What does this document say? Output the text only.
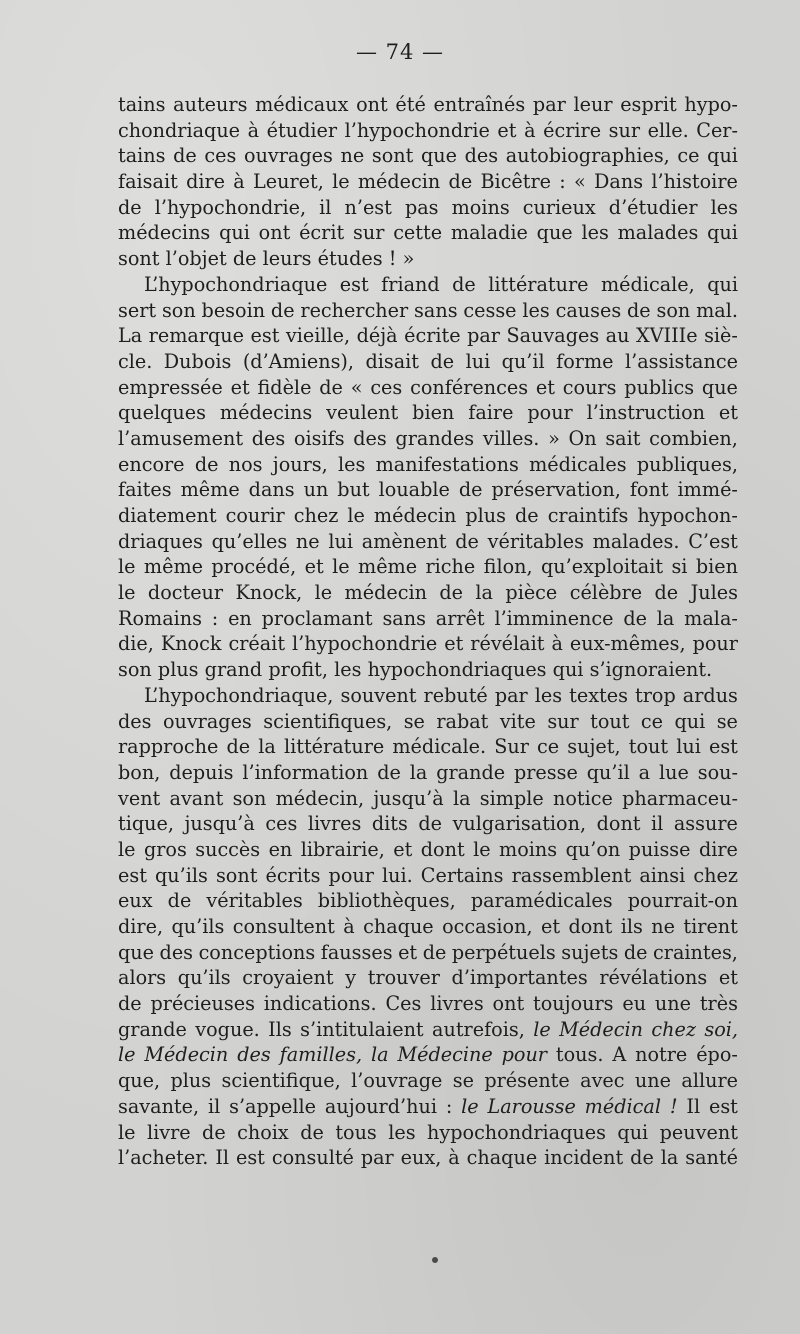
— 74 —
tains auteurs médicaux ont été entraînés par leur esprit hypo-
chondriaque à étudier l’hypochondrie et à écrire sur elle. Cer-
tains de ces ouvrages ne sont que des autobiographies, ce qui
faisait dire à Leuret, le médecin de Bicêtre : « Dans l’histoire
de l’hypochondrie, il n’est pas moins curieux d’étudier les
médecins qui ont écrit sur cette maladie que les malades qui
sont l’objet de leurs études ! »
L’hypochondriaque est friand de littérature médicale, qui
sert son besoin de rechercher sans cesse les causes de son mal.
La remarque est vieille, déjà écrite par Sauvages au XVIIIe siè-
cle. Dubois (d’Amiens), disait de lui qu’il forme l’assistance
empressée et fidèle de « ces conférences et cours publics que
quelques médecins veulent bien faire pour l’instruction et
l’amusement des oisifs des grandes villes. » On sait combien,
encore de nos jours, les manifestations médicales publiques,
faites même dans un but louable de préservation, font immé-
diatement courir chez le médecin plus de craintifs hypochon-
driaques qu’elles ne lui amènent de véritables malades. C’est
le même procédé, et le même riche filon, qu’exploitait si bien
le docteur Knock, le médecin de la pièce célèbre de Jules
Romains : en proclamant sans arrêt l’imminence de la mala-
die, Knock créait l’hypochondrie et révélait à eux-mêmes, pour
son plus grand profit, les hypochondriaques qui s’ignoraient.
L’hypochondriaque, souvent rebuté par les textes trop ardus
des ouvrages scientifiques, se rabat vite sur tout ce qui se
rapproche de la littérature médicale. Sur ce sujet, tout lui est
bon, depuis l’information de la grande presse qu’il a lue sou-
vent avant son médecin, jusqu’à la simple notice pharmaceu-
tique, jusqu’à ces livres dits de vulgarisation, dont il assure
le gros succès en librairie, et dont le moins qu’on puisse dire
est qu’ils sont écrits pour lui. Certains rassemblent ainsi chez
eux de véritables bibliothèques, paramédicales pourrait-on
dire, qu’ils consultent à chaque occasion, et dont ils ne tirent
que des conceptions fausses et de perpétuels sujets de craintes,
alors qu’ils croyaient y trouver d’importantes révélations et
de précieuses indications. Ces livres ont toujours eu une très
grande vogue. Ils s’intitulaient autrefois, le Médecin chez soi,
le Médecin des familles, la Médecine pour tous. A notre épo-
que, plus scientifique, l’ouvrage se présente avec une allure
savante, il s’appelle aujourd’hui : le Larousse médical ! Il est
le livre de choix de tous les hypochondriaques qui peuvent
l’acheter. Il est consulté par eux, à chaque incident de la santé
